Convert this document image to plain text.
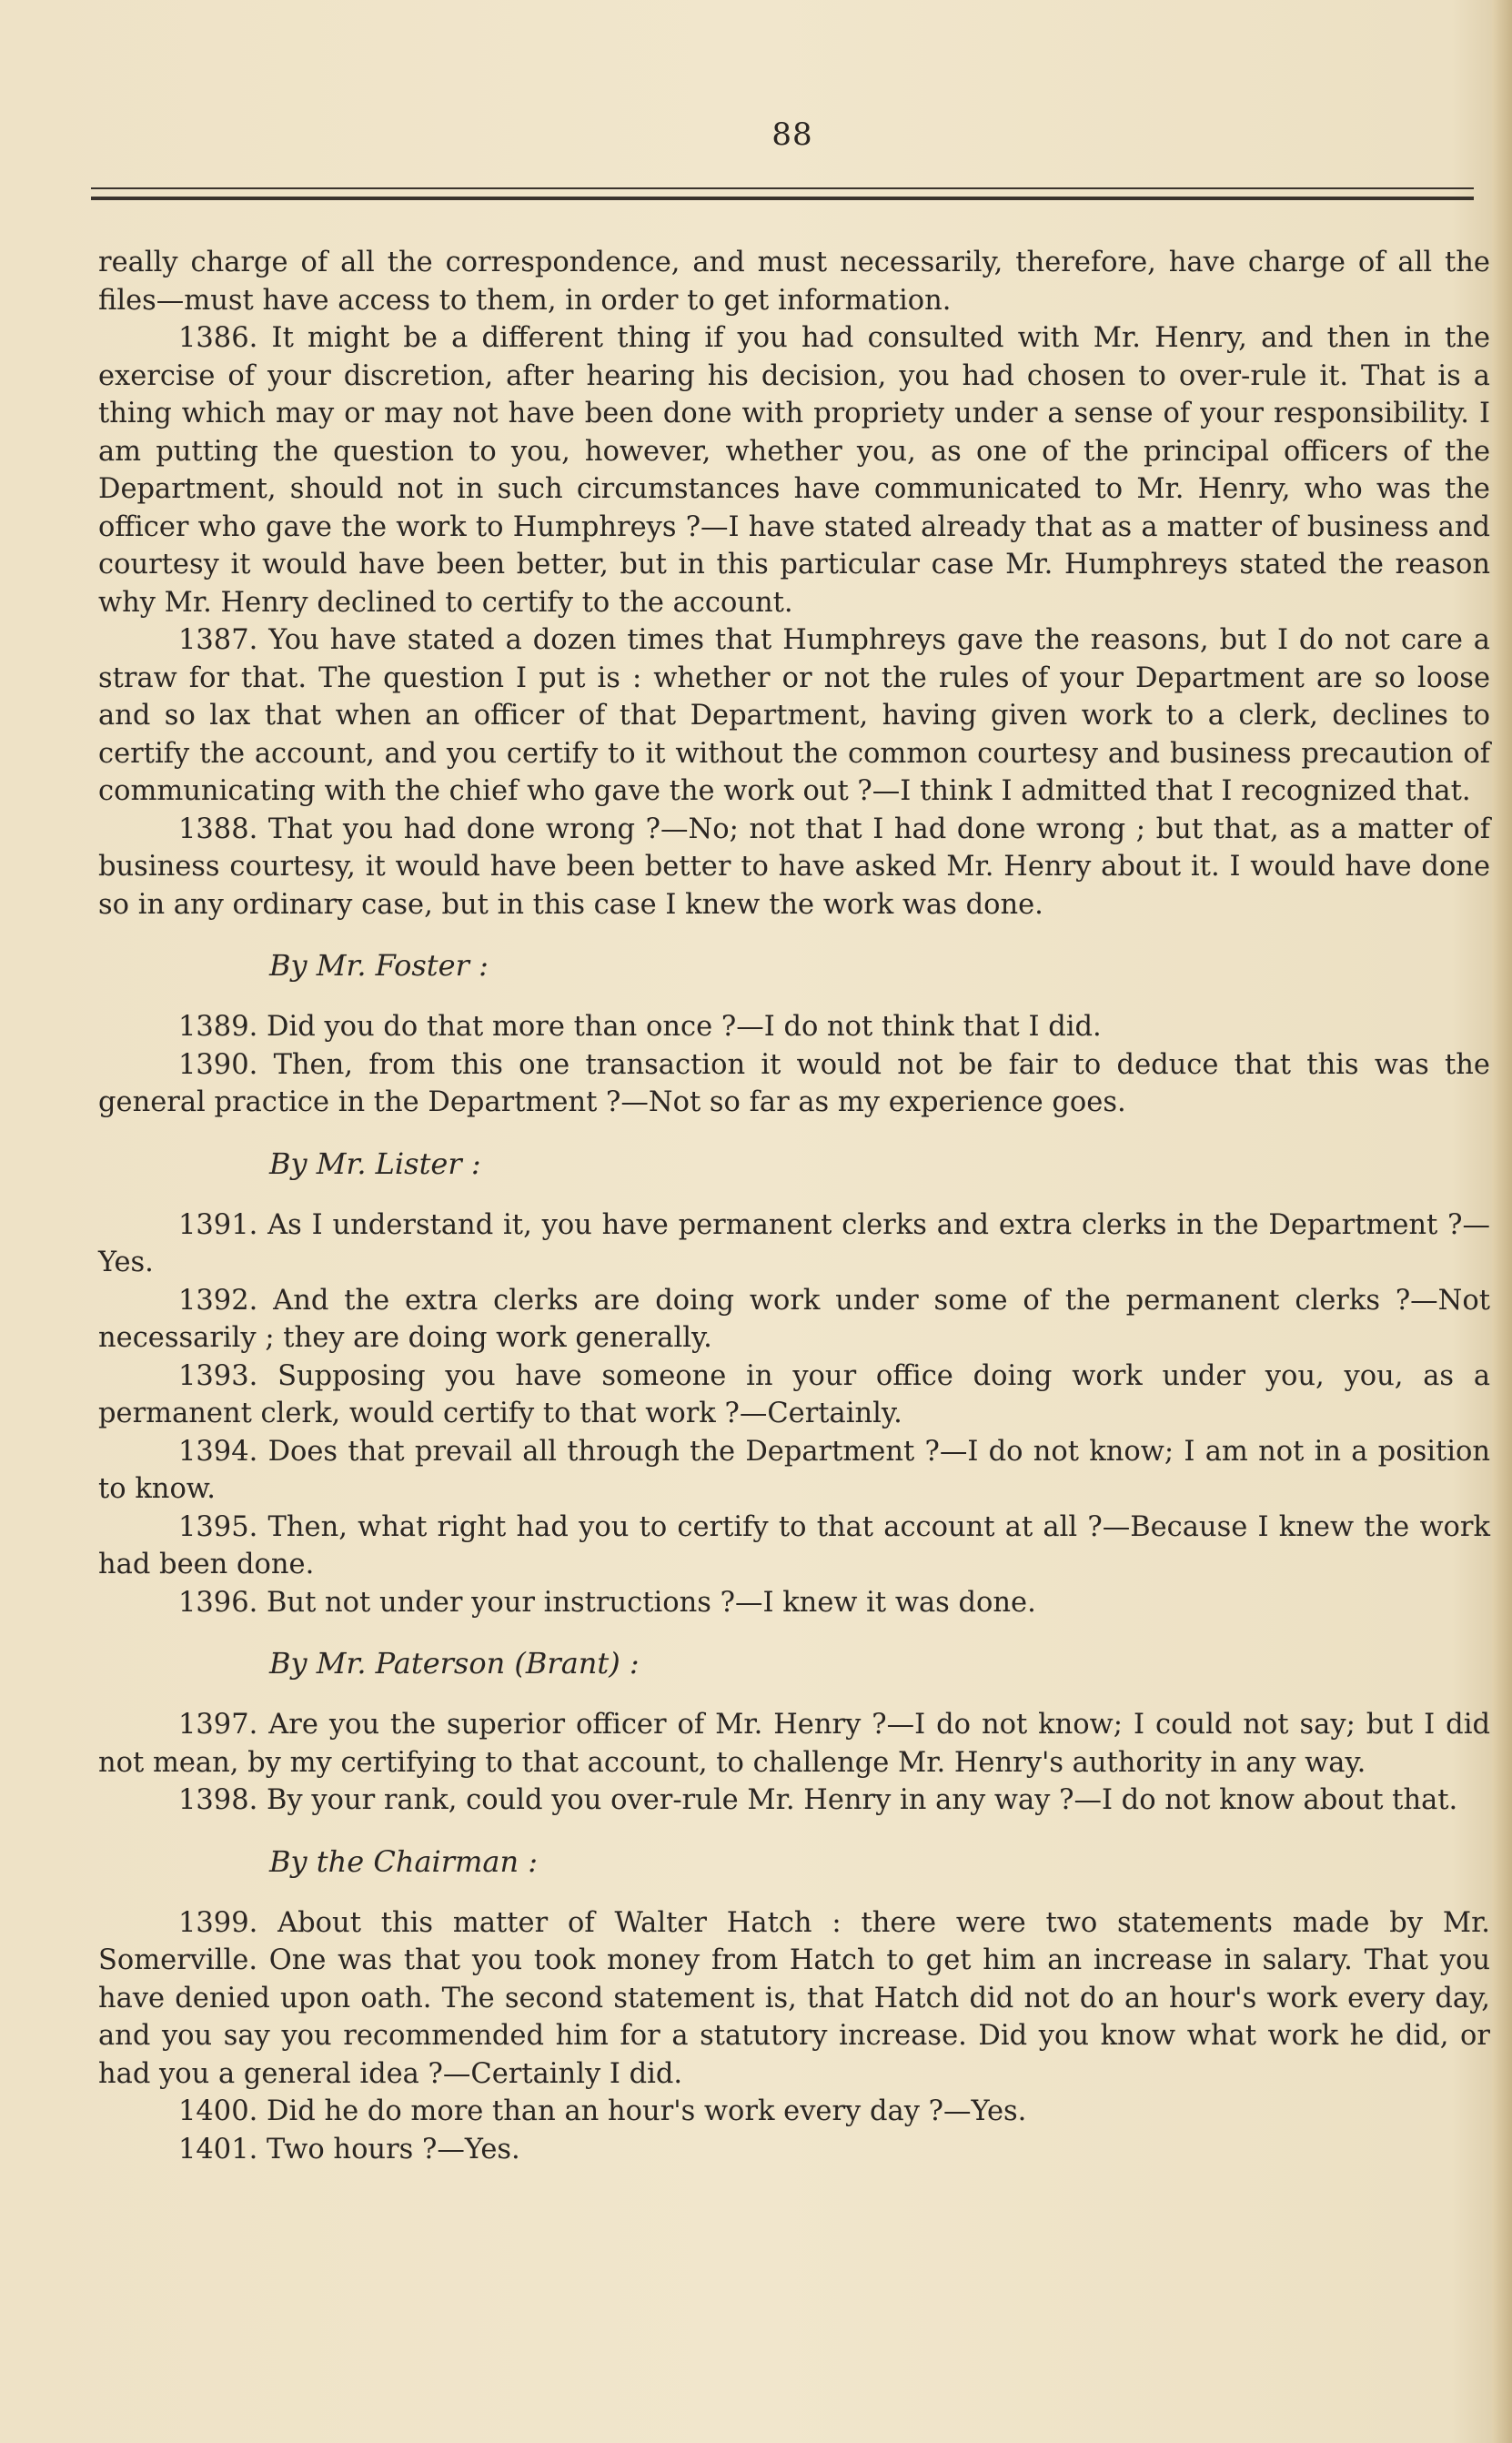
88

really charge of all the correspondence, and must necessarily, therefore, have charge of all the files—must have access to them, in order to get information.

1386. It might be a different thing if you had consulted with Mr. Henry, and then in the exercise of your discretion, after hearing his decision, you had chosen to over-rule it. That is a thing which may or may not have been done with propriety under a sense of your responsibility. I am putting the question to you, however, whether you, as one of the principal officers of the Department, should not in such circumstances have communicated to Mr. Henry, who was the officer who gave the work to Humphreys ?—I have stated already that as a matter of business and courtesy it would have been better, but in this particular case Mr. Humphreys stated the reason why Mr. Henry declined to certify to the account.

1387. You have stated a dozen times that Humphreys gave the reasons, but I do not care a straw for that. The question I put is : whether or not the rules of your Department are so loose and so lax that when an officer of that Department, having given work to a clerk, declines to certify the account, and you certify to it without the common courtesy and business precaution of communicating with the chief who gave the work out ?—I think I admitted that I recognized that.

1388. That you had done wrong ?—No; not that I had done wrong ; but that, as a matter of business courtesy, it would have been better to have asked Mr. Henry about it. I would have done so in any ordinary case, but in this case I knew the work was done.

By Mr. Foster :

1389. Did you do that more than once ?—I do not think that I did.

1390. Then, from this one transaction it would not be fair to deduce that this was the general practice in the Department ?—Not so far as my experience goes.

By Mr. Lister :

1391. As I understand it, you have permanent clerks and extra clerks in the Department ?—Yes.

1392. And the extra clerks are doing work under some of the permanent clerks ?—Not necessarily ; they are doing work generally.

1393. Supposing you have someone in your office doing work under you, you, as a permanent clerk, would certify to that work ?—Certainly.

1394. Does that prevail all through the Department ?—I do not know; I am not in a position to know.

1395. Then, what right had you to certify to that account at all ?—Because I knew the work had been done.

1396. But not under your instructions ?—I knew it was done.

By Mr. Paterson (Brant) :

1397. Are you the superior officer of Mr. Henry ?—I do not know; I could not say; but I did not mean, by my certifying to that account, to challenge Mr. Henry's authority in any way.

1398. By your rank, could you over-rule Mr. Henry in any way ?—I do not know about that.

By the Chairman :

1399. About this matter of Walter Hatch : there were two statements made by Mr. Somerville. One was that you took money from Hatch to get him an increase in salary. That you have denied upon oath. The second statement is, that Hatch did not do an hour's work every day, and you say you recommended him for a statutory increase. Did you know what work he did, or had you a general idea ?—Certainly I did.

1400. Did he do more than an hour's work every day ?—Yes.

1401. Two hours ?—Yes.
